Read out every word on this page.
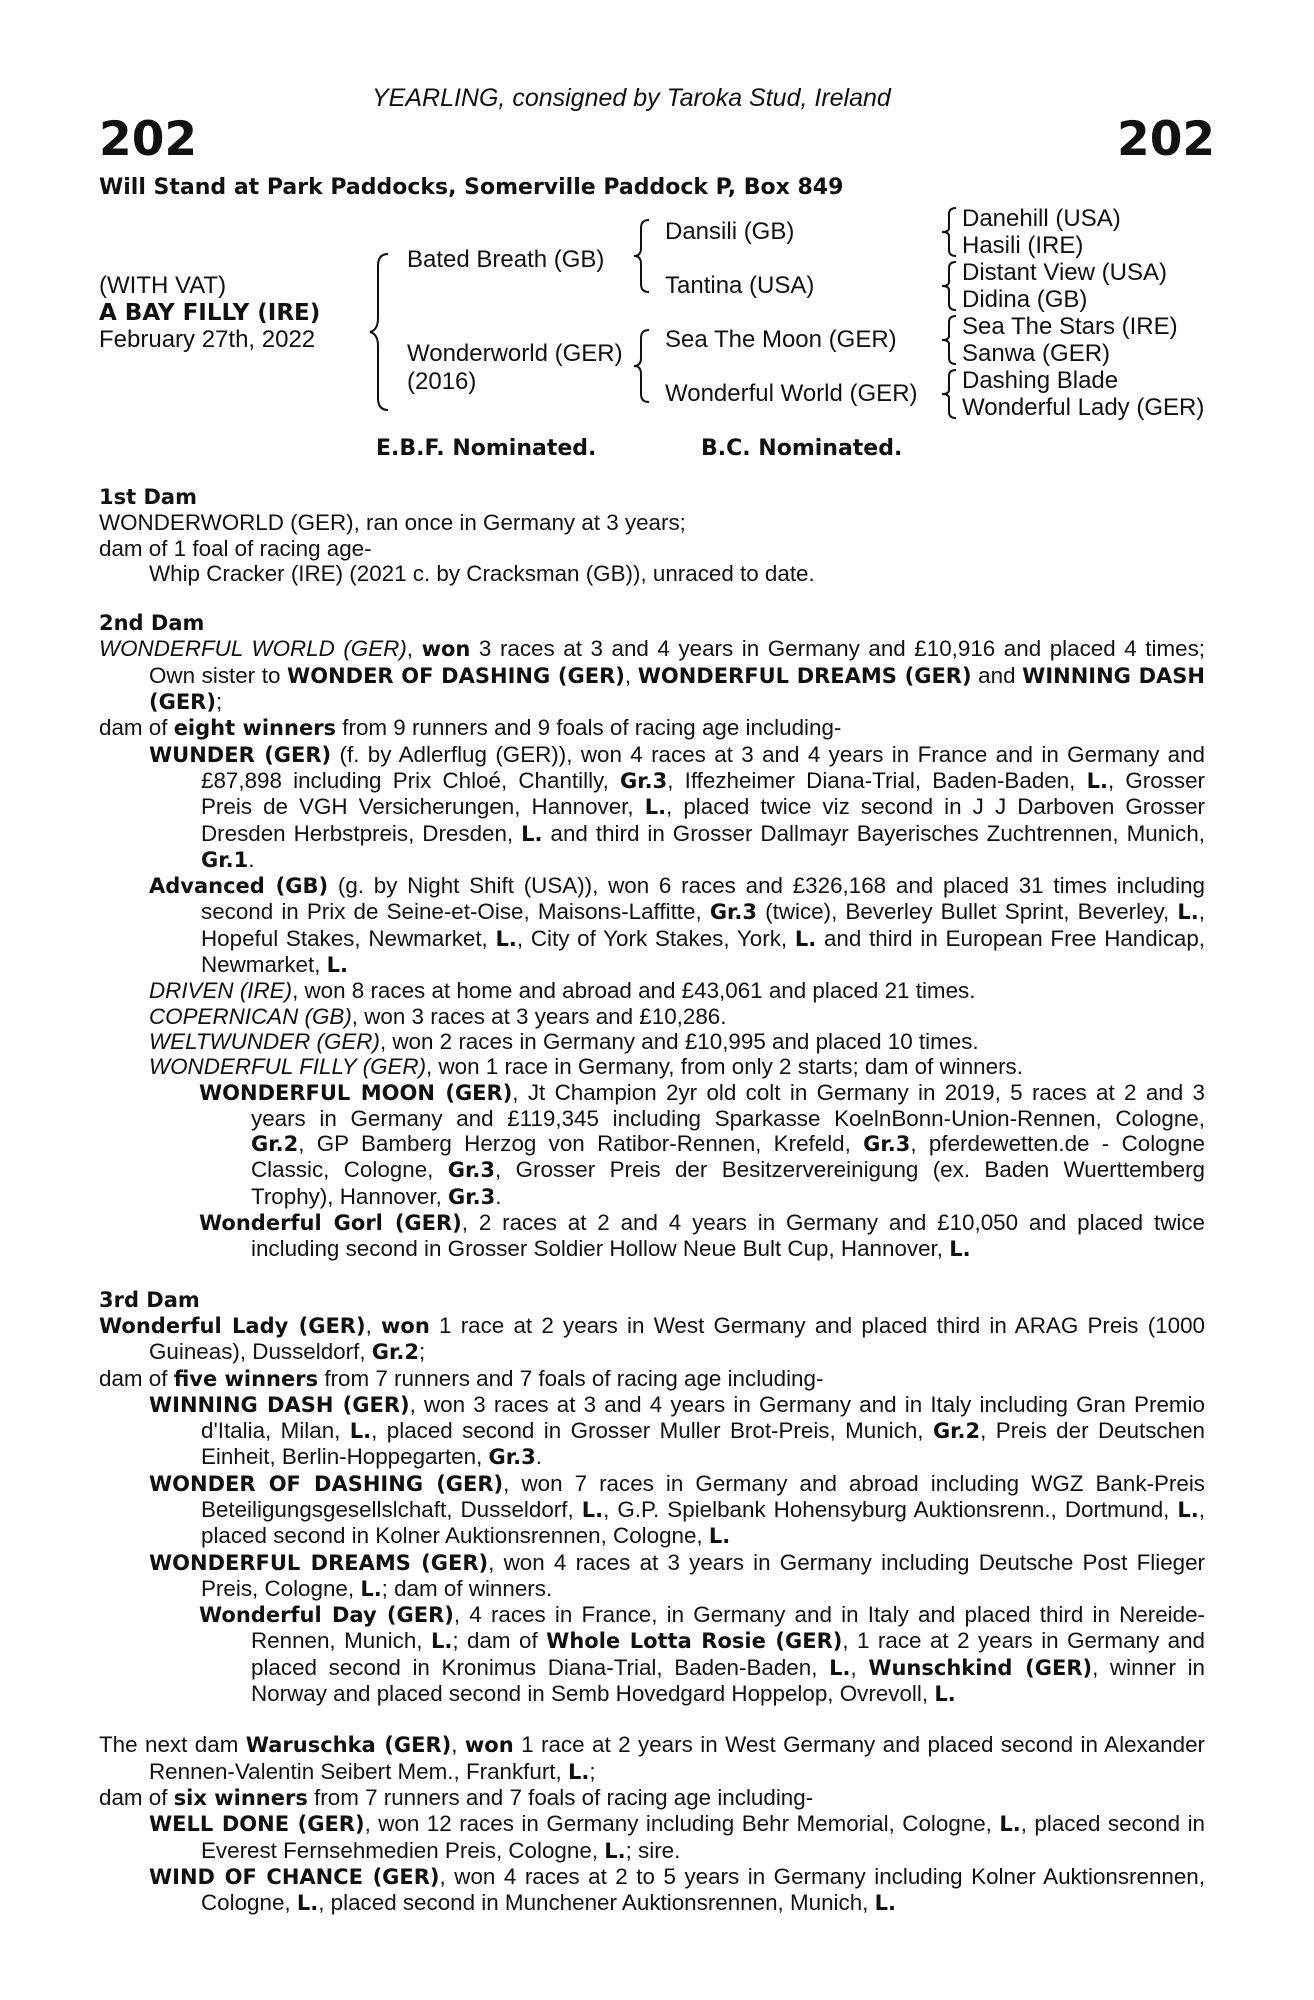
YEARLING, consigned by Taroka Stud, Ireland
202	202
Will Stand at Park Paddocks, Somerville Paddock P, Box 849
(WITH VAT)
A BAY FILLY (IRE)
February 27th, 2022
Bated Breath (GB)
Wonderworld (GER)
(2016)
Dansili (GB)
Tantina (USA)
Sea The Moon (GER)
Wonderful World (GER)
Danehill (USA)
Hasili (IRE)
Distant View (USA)
Didina (GB)
Sea The Stars (IRE)
Sanwa (GER)
Dashing Blade
Wonderful Lady (GER)
E.B.F. Nominated.	B.C. Nominated.
1st Dam

WONDERWORLD (GER), ran once in Germany at 3 years;

dam of 1 foal of racing age-

Whip Cracker (IRE) (2021 c. by Cracksman (GB)), unraced to date.

2nd Dam

WONDERFUL WORLD (GER), won 3 races at 3 and 4 years in Germany and £10,916 and placed 4 times; Own sister to WONDER OF DASHING (GER), WONDERFUL DREAMS (GER) and WINNING DASH (GER);

dam of eight winners from 9 runners and 9 foals of racing age including-

WUNDER (GER) (f. by Adlerflug (GER)), won 4 races at 3 and 4 years in France and in Germany and £87,898 including Prix Chloé, Chantilly, Gr.3, Iffezheimer Diana-Trial, Baden-Baden, L., Grosser Preis de VGH Versicherungen, Hannover, L., placed twice viz second in J J Darboven Grosser Dresden Herbstpreis, Dresden, L. and third in Grosser Dallmayr Bayerisches Zuchtrennen, Munich, Gr.1.

Advanced (GB) (g. by Night Shift (USA)), won 6 races and £326,168 and placed 31 times including second in Prix de Seine-et-Oise, Maisons-Laffitte, Gr.3 (twice), Beverley Bullet Sprint, Beverley, L., Hopeful Stakes, Newmarket, L., City of York Stakes, York, L. and third in European Free Handicap, Newmarket, L.

DRIVEN (IRE), won 8 races at home and abroad and £43,061 and placed 21 times.

COPERNICAN (GB), won 3 races at 3 years and £10,286.

WELTWUNDER (GER), won 2 races in Germany and £10,995 and placed 10 times.

WONDERFUL FILLY (GER), won 1 race in Germany, from only 2 starts; dam of winners.

WONDERFUL MOON (GER), Jt Champion 2yr old colt in Germany in 2019, 5 races at 2 and 3 years in Germany and £119,345 including Sparkasse KoelnBonn-Union-Rennen, Cologne, Gr.2, GP Bamberg Herzog von Ratibor-Rennen, Krefeld, Gr.3, pferdewetten.de - Cologne Classic, Cologne, Gr.3, Grosser Preis der Besitzervereinigung (ex. Baden Wuerttemberg Trophy), Hannover, Gr.3.

Wonderful Gorl (GER), 2 races at 2 and 4 years in Germany and £10,050 and placed twice including second in Grosser Soldier Hollow Neue Bult Cup, Hannover, L.

3rd Dam

Wonderful Lady (GER), won 1 race at 2 years in West Germany and placed third in ARAG Preis (1000 Guineas), Dusseldorf, Gr.2;

dam of five winners from 7 runners and 7 foals of racing age including-

WINNING DASH (GER), won 3 races at 3 and 4 years in Germany and in Italy including Gran Premio d'Italia, Milan, L., placed second in Grosser Muller Brot-Preis, Munich, Gr.2, Preis der Deutschen Einheit, Berlin-Hoppegarten, Gr.3.

WONDER OF DASHING (GER), won 7 races in Germany and abroad including WGZ Bank-Preis Beteiligungsgesellslchaft, Dusseldorf, L., G.P. Spielbank Hohensyburg Auktionsrenn., Dortmund, L., placed second in Kolner Auktionsrennen, Cologne, L.

WONDERFUL DREAMS (GER), won 4 races at 3 years in Germany including Deutsche Post Flieger Preis, Cologne, L.; dam of winners.

Wonderful Day (GER), 4 races in France, in Germany and in Italy and placed third in Nereide-Rennen, Munich, L.; dam of Whole Lotta Rosie (GER), 1 race at 2 years in Germany and placed second in Kronimus Diana-Trial, Baden-Baden, L., Wunschkind (GER), winner in Norway and placed second in Semb Hovedgard Hoppelop, Ovrevoll, L.

The next dam Waruschka (GER), won 1 race at 2 years in West Germany and placed second in Alexander Rennen-Valentin Seibert Mem., Frankfurt, L.;

dam of six winners from 7 runners and 7 foals of racing age including-

WELL DONE (GER), won 12 races in Germany including Behr Memorial, Cologne, L., placed second in Everest Fernsehmedien Preis, Cologne, L.; sire.

WIND OF CHANCE (GER), won 4 races at 2 to 5 years in Germany including Kolner Auktionsrennen, Cologne, L., placed second in Munchener Auktionsrennen, Munich, L.
